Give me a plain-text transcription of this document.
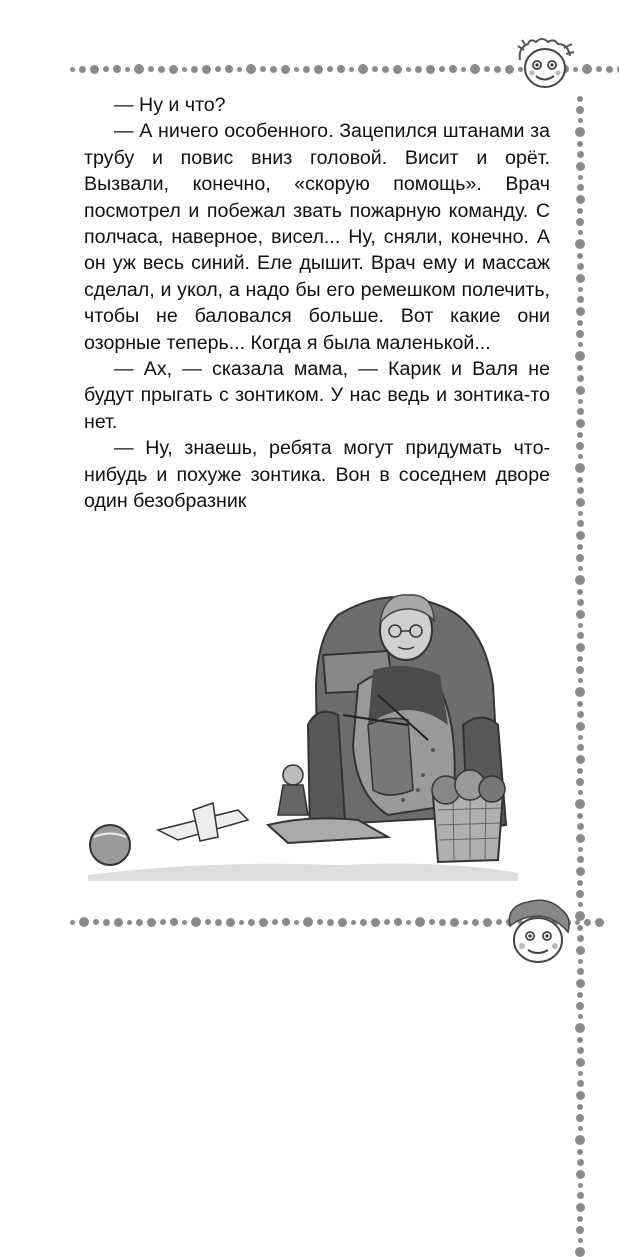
— Ну и что?

— А ничего особенного. Зацепился штанами за трубу и повис вниз головой. Висит и орёт. Вызвали, конечно, «скорую помощь». Врач посмотрел и побежал звать пожарную команду. С полчаса, наверное, висел... Ну, сняли, конечно. А он уж весь синий. Еле дышит. Врач ему и массаж сделал, и укол, а надо бы его ремешком полечить, чтобы не баловался больше. Вот какие они озорные теперь... Когда я была маленькой...

— Ах, — сказала мама, — Карик и Валя не будут прыгать с зонтиком. У нас ведь и зонтика-то нет.

— Ну, знаешь, ребята могут придумать что-нибудь и похуже зонтика. Вон в соседнем дворе один безобразник
